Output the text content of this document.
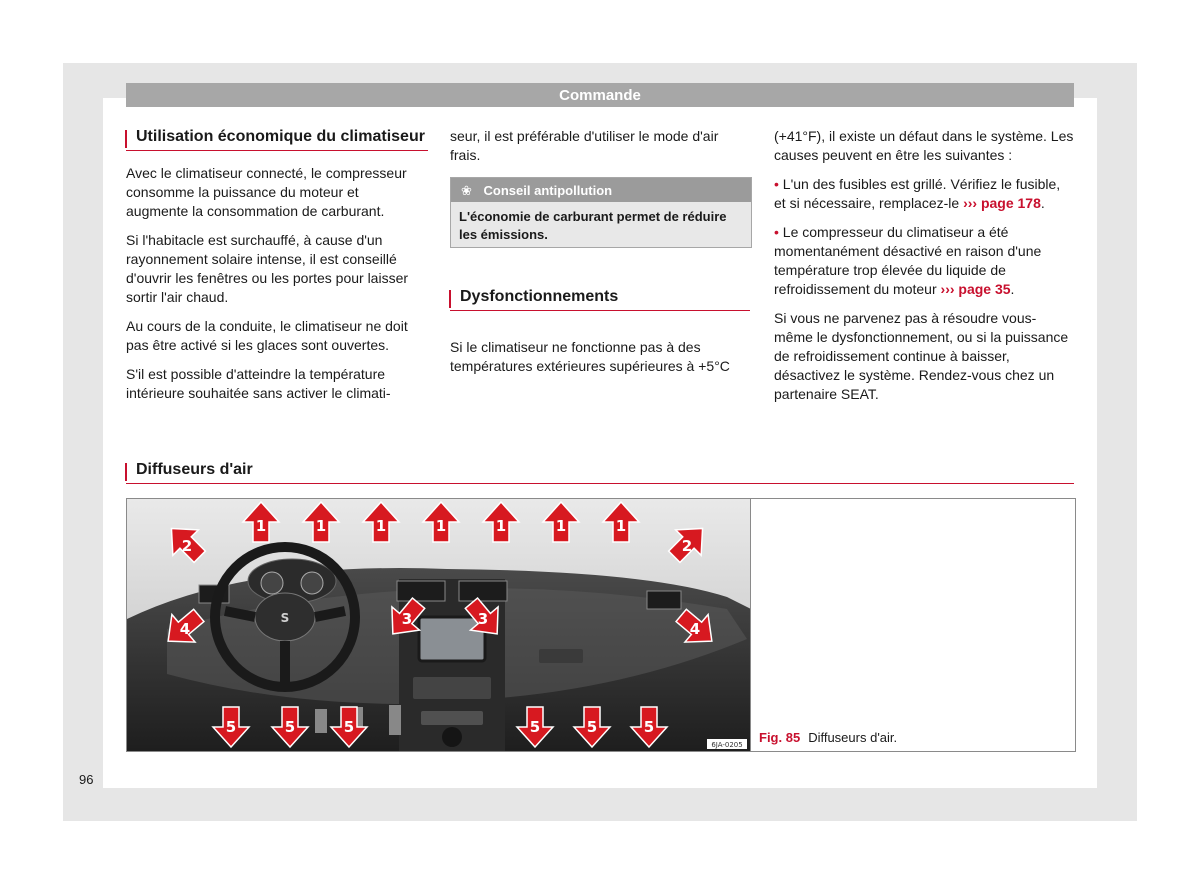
Commande
Utilisation économique du climatiseur

Avec le climatiseur connecté, le compresseur consomme la puissance du moteur et augmente la consommation de carburant.

Si l'habitacle est surchauffé, à cause d'un rayonnement solaire intense, il est conseillé d'ouvrir les fenêtres ou les portes pour laisser sortir l'air chaud.

Au cours de la conduite, le climatiseur ne doit pas être activé si les glaces sont ouvertes.

S'il est possible d'atteindre la température intérieure souhaitée sans activer le climati-

seur, il est préférable d'utiliser le mode d'air frais.
❀ Conseil antipollution
L'économie de carburant permet de réduire les émissions.
Dysfonctionnements
Si le climatiseur ne fonctionne pas à des températures extérieures supérieures à +5°C

(+41°F), il existe un défaut dans le système. Les causes peuvent en être les suivantes :

• L'un des fusibles est grillé. Vérifiez le fusible, et si nécessaire, remplacez-le ››› page 178.

• Le compresseur du climatiseur a été momentanément désactivé en raison d'une température trop élevée du liquide de refroidissement du moteur ››› page 35.

Si vous ne parvenez pas à résoudre vous-même le dysfonctionnement, ou si la puissance de refroidissement continue à baisser, désactivez le système. Rendez-vous chez un partenaire SEAT.

Diffuseurs d'air
S
1	1	1	1	1	1	1
2	2
3	3
4	4
5	5	5	5	5	5
6JA-0205 Fig. 85 Diffuseurs d'air.
96
